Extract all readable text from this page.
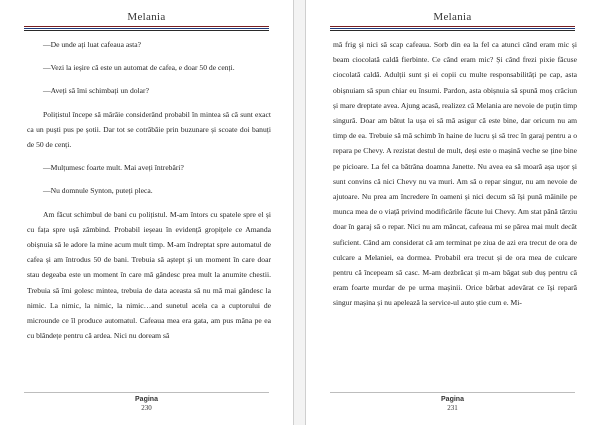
Melania

—De unde ați luat cafeaua asta?

—Vezi la ieșire că este un automat de cafea, e doar 50 de cenți.

—Aveți să îmi schimbați un dolar?

Polițistul începe să mârâie considerând probabil în mintea să că sunt exact ca un puști pus pe șotii. Dar tot se cotrăbăie prin buzunare și scoate doi banuți de 50 de cenți.

—Mulțumesc foarte mult. Mai aveți întrebări?

—Nu domnule Synton, puteți pleca.

Am făcut schimbul de bani cu polițistul. M-am întors cu spatele spre el și cu fața spre ușă zâmbind. Probabil ieșeau în evidență gropițele ce Amanda obișnuia să le adore la mine acum mult timp. M-am îndreptat spre automatul de cafea și am întrodus 50 de bani. Trebuia să aștept și un moment în care doar stau degeaba este un moment în care mă gândesc prea mult la anumite chestii. Trebuia să îmi golesc mintea, trebuia de data aceasta să nu mă mai gândesc la nimic. La nimic, la nimic, la nimic…and sunetul acela ca a cuptorului de microunde ce îl produce automatul. Cafeaua mea era gata, am pus mâna pe ea cu blândețe pentru că ardea. Nici nu doream să

Pagina
230
Melania

mă frig și nici să scap cafeaua. Sorb din ea la fel ca atunci când eram mic și beam ciocolată caldă fierbinte. Ce când eram mic? Și când frezi pixie făcuse ciocolată caldă. Adulții sunt și ei copii cu multe responsabilități pe cap, asta obișnuiam să spun chiar eu însumi. Pardon, asta obișnuia să spună moș crăciun și mare dreptate avea. Ajung acasă, realizez că Melania are nevoie de puțin timp singură. Doar am bătut la ușa ei să mă asigur că este bine, dar oricum nu am timp de ea. Trebuie să mă schimb în haine de lucru și să trec în garaj pentru a o repara pe Chevy. A rezistat destul de mult, deși este o mașină veche se ține bine pe picioare. La fel ca bătrâna doamna Janette. Nu avea ea să moară așa ușor și sunt convins că nici Chevy nu va muri. Am să o repar singur, nu am nevoie de ajutoare. Nu prea am încredere în oameni și nici decum să își pună mâinile pe munca mea de o viață privind modificările făcute lui Chevy. Am stat până târziu doar în garaj să o repar. Nici nu am mâncat, cafeaua mi se părea mai mult decât suficient. Când am considerat că am terminat pe ziua de azi era trecut de ora de culcare a Melaniei, ea dormea. Probabil era trecut și de ora mea de culcare pentru că începeam să casc. M-am dezbrăcat și m-am băgat sub duș pentru că eram foarte murdar de pe urma mașinii. Orice bărbat adevărat ce își repară singur mașina și nu apelează la service-ul auto știe cum e. Mi-

Pagina
231
